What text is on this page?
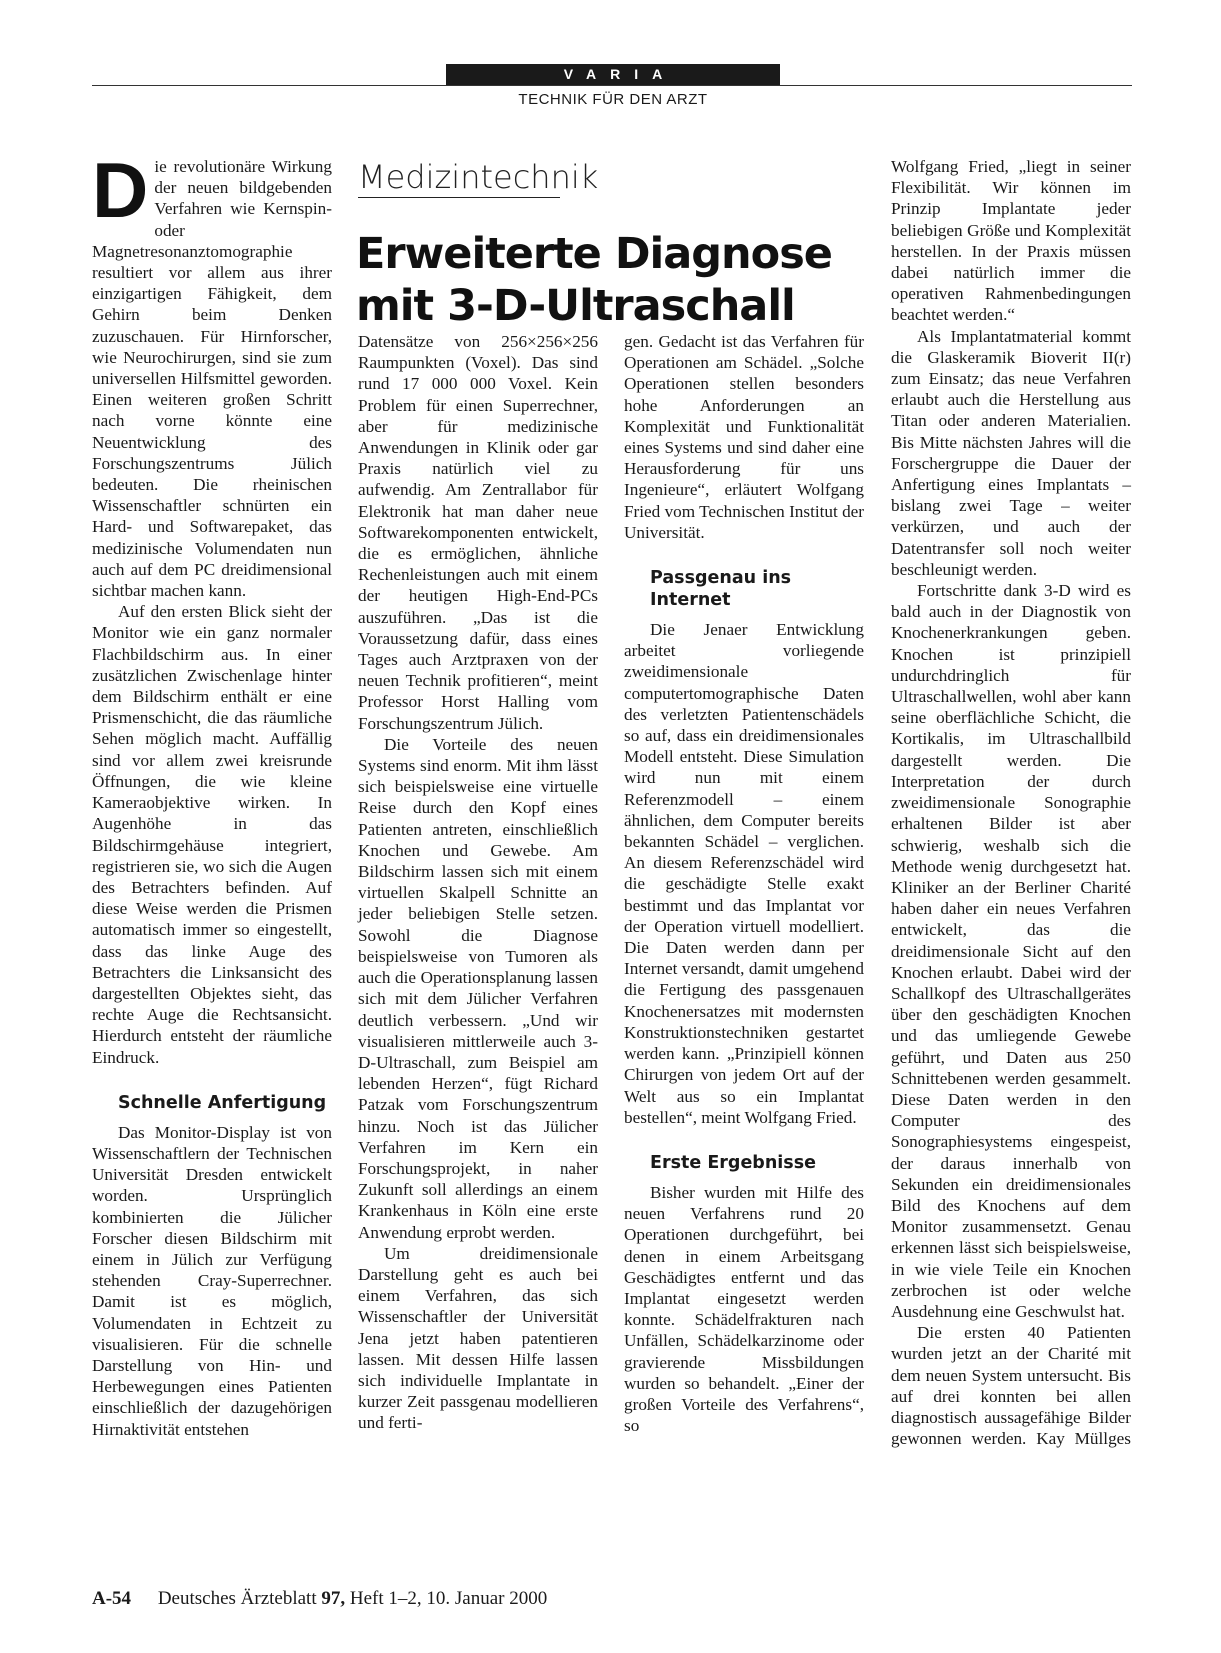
VARIA
TECHNIK FÜR DEN ARZT
Medizintechnik
Erweiterte Diagnose
mit 3-D-Ultraschall

Die revolutionäre Wirkung der neuen bildgebenden Verfahren wie Kernspin- oder Magnetresonanztomographie resultiert vor allem aus ihrer einzigartigen Fähigkeit, dem Gehirn beim Denken zuzuschauen. Für Hirnforscher, wie Neurochirurgen, sind sie zum universellen Hilfsmittel geworden. Einen weiteren großen Schritt nach vorne könnte eine Neuentwicklung des Forschungszentrums Jülich bedeuten. Die rheinischen Wissenschaftler schnürten ein Hard- und Softwarepaket, das medizinische Volumendaten nun auch auf dem PC dreidimensional sichtbar machen kann.

Auf den ersten Blick sieht der Monitor wie ein ganz normaler Flachbildschirm aus. In einer zusätzlichen Zwischenlage hinter dem Bildschirm enthält er eine Prismenschicht, die das räumliche Sehen möglich macht. Auffällig sind vor allem zwei kreisrunde Öffnungen, die wie kleine Kameraobjektive wirken. In Augenhöhe in das Bildschirmgehäuse integriert, registrieren sie, wo sich die Augen des Betrachters befinden. Auf diese Weise werden die Prismen automatisch immer so eingestellt, dass das linke Auge des Betrachters die Linksansicht des dargestellten Objektes sieht, das rechte Auge die Rechtsansicht. Hierdurch entsteht der räumliche Eindruck.

Schnelle Anfertigung

Das Monitor-Display ist von Wissenschaftlern der Technischen Universität Dresden entwickelt worden. Ursprünglich kombinierten die Jülicher Forscher diesen Bildschirm mit einem in Jülich zur Verfügung stehenden Cray-Superrechner. Damit ist es möglich, Volumendaten in Echtzeit zu visualisieren. Für die schnelle Darstellung von Hin- und Herbewegungen eines Patienten einschließlich der dazugehörigen Hirnaktivität entstehen

Datensätze von 256×256×256 Raumpunkten (Voxel). Das sind rund 17 000 000 Voxel. Kein Problem für einen Superrechner, aber für medizinische Anwendungen in Klinik oder gar Praxis natürlich viel zu aufwendig. Am Zentrallabor für Elektronik hat man daher neue Softwarekomponenten entwickelt, die es ermöglichen, ähnliche Rechenleistungen auch mit einem der heutigen High-End-PCs auszuführen. „Das ist die Voraussetzung dafür, dass eines Tages auch Arztpraxen von der neuen Technik profitieren“, meint Professor Horst Halling vom Forschungszentrum Jülich.

Die Vorteile des neuen Systems sind enorm. Mit ihm lässt sich beispielsweise eine virtuelle Reise durch den Kopf eines Patienten antreten, einschließlich Knochen und Gewebe. Am Bildschirm lassen sich mit einem virtuellen Skalpell Schnitte an jeder beliebigen Stelle setzen. Sowohl die Diagnose beispielsweise von Tumoren als auch die Operationsplanung lassen sich mit dem Jülicher Verfahren deutlich verbessern. „Und wir visualisieren mittlerweile auch 3-D-Ultraschall, zum Beispiel am lebenden Herzen“, fügt Richard Patzak vom Forschungszentrum hinzu. Noch ist das Jülicher Verfahren im Kern ein Forschungsprojekt, in naher Zukunft soll allerdings an einem Krankenhaus in Köln eine erste Anwendung erprobt werden.

Um dreidimensionale Darstellung geht es auch bei einem Verfahren, das sich Wissenschaftler der Universität Jena jetzt haben patentieren lassen. Mit dessen Hilfe lassen sich individuelle Implantate in kurzer Zeit passgenau modellieren und ferti-

gen. Gedacht ist das Verfahren für Operationen am Schädel. „Solche Operationen stellen besonders hohe Anforderungen an Komplexität und Funktionalität eines Systems und sind daher eine Herausforderung für uns Ingenieure“, erläutert Wolfgang Fried vom Technischen Institut der Universität.

Passgenau ins Internet

Die Jenaer Entwicklung arbeitet vorliegende zweidimensionale computertomographische Daten des verletzten Patientenschädels so auf, dass ein dreidimensionales Modell entsteht. Diese Simulation wird nun mit einem Referenzmodell – einem ähnlichen, dem Computer bereits bekannten Schädel – verglichen. An diesem Referenzschädel wird die geschädigte Stelle exakt bestimmt und das Implantat vor der Operation virtuell modelliert. Die Daten werden dann per Internet versandt, damit umgehend die Fertigung des passgenauen Knochenersatzes mit modernsten Konstruktionstechniken gestartet werden kann. „Prinzipiell können Chirurgen von jedem Ort auf der Welt aus so ein Implantat bestellen“, meint Wolfgang Fried.

Erste Ergebnisse

Bisher wurden mit Hilfe des neuen Verfahrens rund 20 Operationen durchgeführt, bei denen in einem Arbeitsgang Geschädigtes entfernt und das Implantat eingesetzt werden konnte. Schädelfrakturen nach Unfällen, Schädelkarzinome oder gravierende Missbildungen wurden so behandelt. „Einer der großen Vorteile des Verfahrens“, so

Wolfgang Fried, „liegt in seiner Flexibilität. Wir können im Prinzip Implantate jeder beliebigen Größe und Komplexität herstellen. In der Praxis müssen dabei natürlich immer die operativen Rahmenbedingungen beachtet werden.“

Als Implantatmaterial kommt die Glaskeramik Bioverit II(r) zum Einsatz; das neue Verfahren erlaubt auch die Herstellung aus Titan oder anderen Materialien. Bis Mitte nächsten Jahres will die Forschergruppe die Dauer der Anfertigung eines Implantats – bislang zwei Tage – weiter verkürzen, und auch der Datentransfer soll noch weiter beschleunigt werden.

Fortschritte dank 3-D wird es bald auch in der Diagnostik von Knochenerkrankungen geben. Knochen ist prinzipiell undurchdringlich für Ultraschallwellen, wohl aber kann seine oberflächliche Schicht, die Kortikalis, im Ultraschallbild dargestellt werden. Die Interpretation der durch zweidimensionale Sonographie erhaltenen Bilder ist aber schwierig, weshalb sich die Methode wenig durchgesetzt hat. Kliniker an der Berliner Charité haben daher ein neues Verfahren entwickelt, das die dreidimensionale Sicht auf den Knochen erlaubt. Dabei wird der Schallkopf des Ultraschallgerätes über den geschädigten Knochen und das umliegende Gewebe geführt, und Daten aus 250 Schnittebenen werden gesammelt. Diese Daten werden in den Computer des Sonographiesystems eingespeist, der daraus innerhalb von Sekunden ein dreidimensionales Bild des Knochens auf dem Monitor zusammensetzt. Genau erkennen lässt sich beispielsweise, in wie viele Teile ein Knochen zerbrochen ist oder welche Ausdehnung eine Geschwulst hat.

Die ersten 40 Patienten wurden jetzt an der Charité mit dem neuen System untersucht. Bis auf drei konnten bei allen diagnostisch aussagefähige Bilder gewonnen werden. Kay Müllges

A-54 Deutsches Ärzteblatt 97, Heft 1–2, 10. Januar 2000
